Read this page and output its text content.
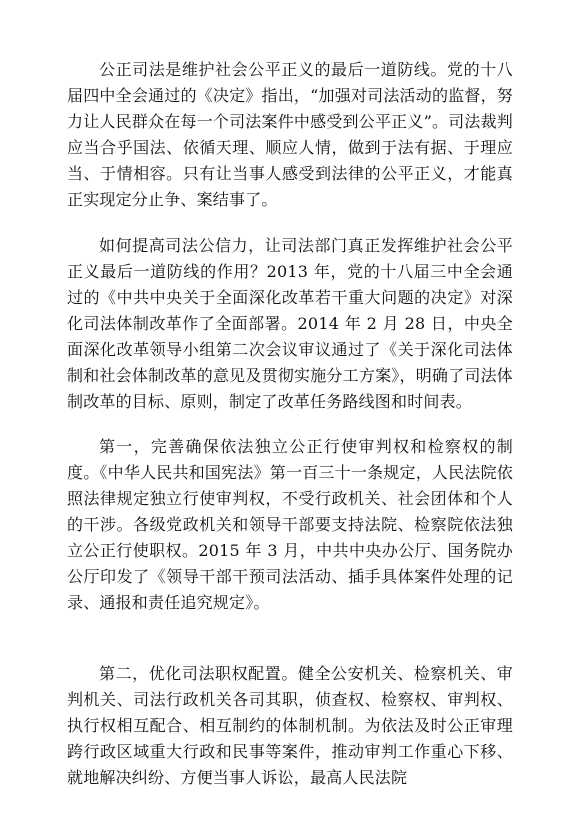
公正司法是维护社会公平正义的最后一道防线。党的十八届四中全会通过的《决定》指出，“加强对司法活动的监督，努力让人民群众在每一个司法案件中感受到公平正义”。司法裁判应当合乎国法、依循天理、顺应人情，做到于法有据、于理应当、于情相容。只有让当事人感受到法律的公平正义，才能真正实现定分止争、案结事了。

如何提高司法公信力，让司法部门真正发挥维护社会公平正义最后一道防线的作用？2013 年，党的十八届三中全会通过的《中共中央关于全面深化改革若干重大问题的决定》对深化司法体制改革作了全面部署。2014 年 2 月 28 日，中央全面深化改革领导小组第二次会议审议通过了《关于深化司法体制和社会体制改革的意见及贯彻实施分工方案》，明确了司法体制改革的目标、原则，制定了改革任务路线图和时间表。

第一，完善确保依法独立公正行使审判权和检察权的制度。《中华人民共和国宪法》第一百三十一条规定，人民法院依照法律规定独立行使审判权，不受行政机关、社会团体和个人的干涉。各级党政机关和领导干部要支持法院、检察院依法独立公正行使职权。2015 年 3 月，中共中央办公厅、国务院办公厅印发了《领导干部干预司法活动、插手具体案件处理的记录、通报和责任追究规定》。

第二，优化司法职权配置。健全公安机关、检察机关、审判机关、司法行政机关各司其职，侦查权、检察权、审判权、执行权相互配合、相互制约的体制机制。为依法及时公正审理跨行政区域重大行政和民事等案件，推动审判工作重心下移、就地解决纠纷、方便当事人诉讼，最高人民法院
